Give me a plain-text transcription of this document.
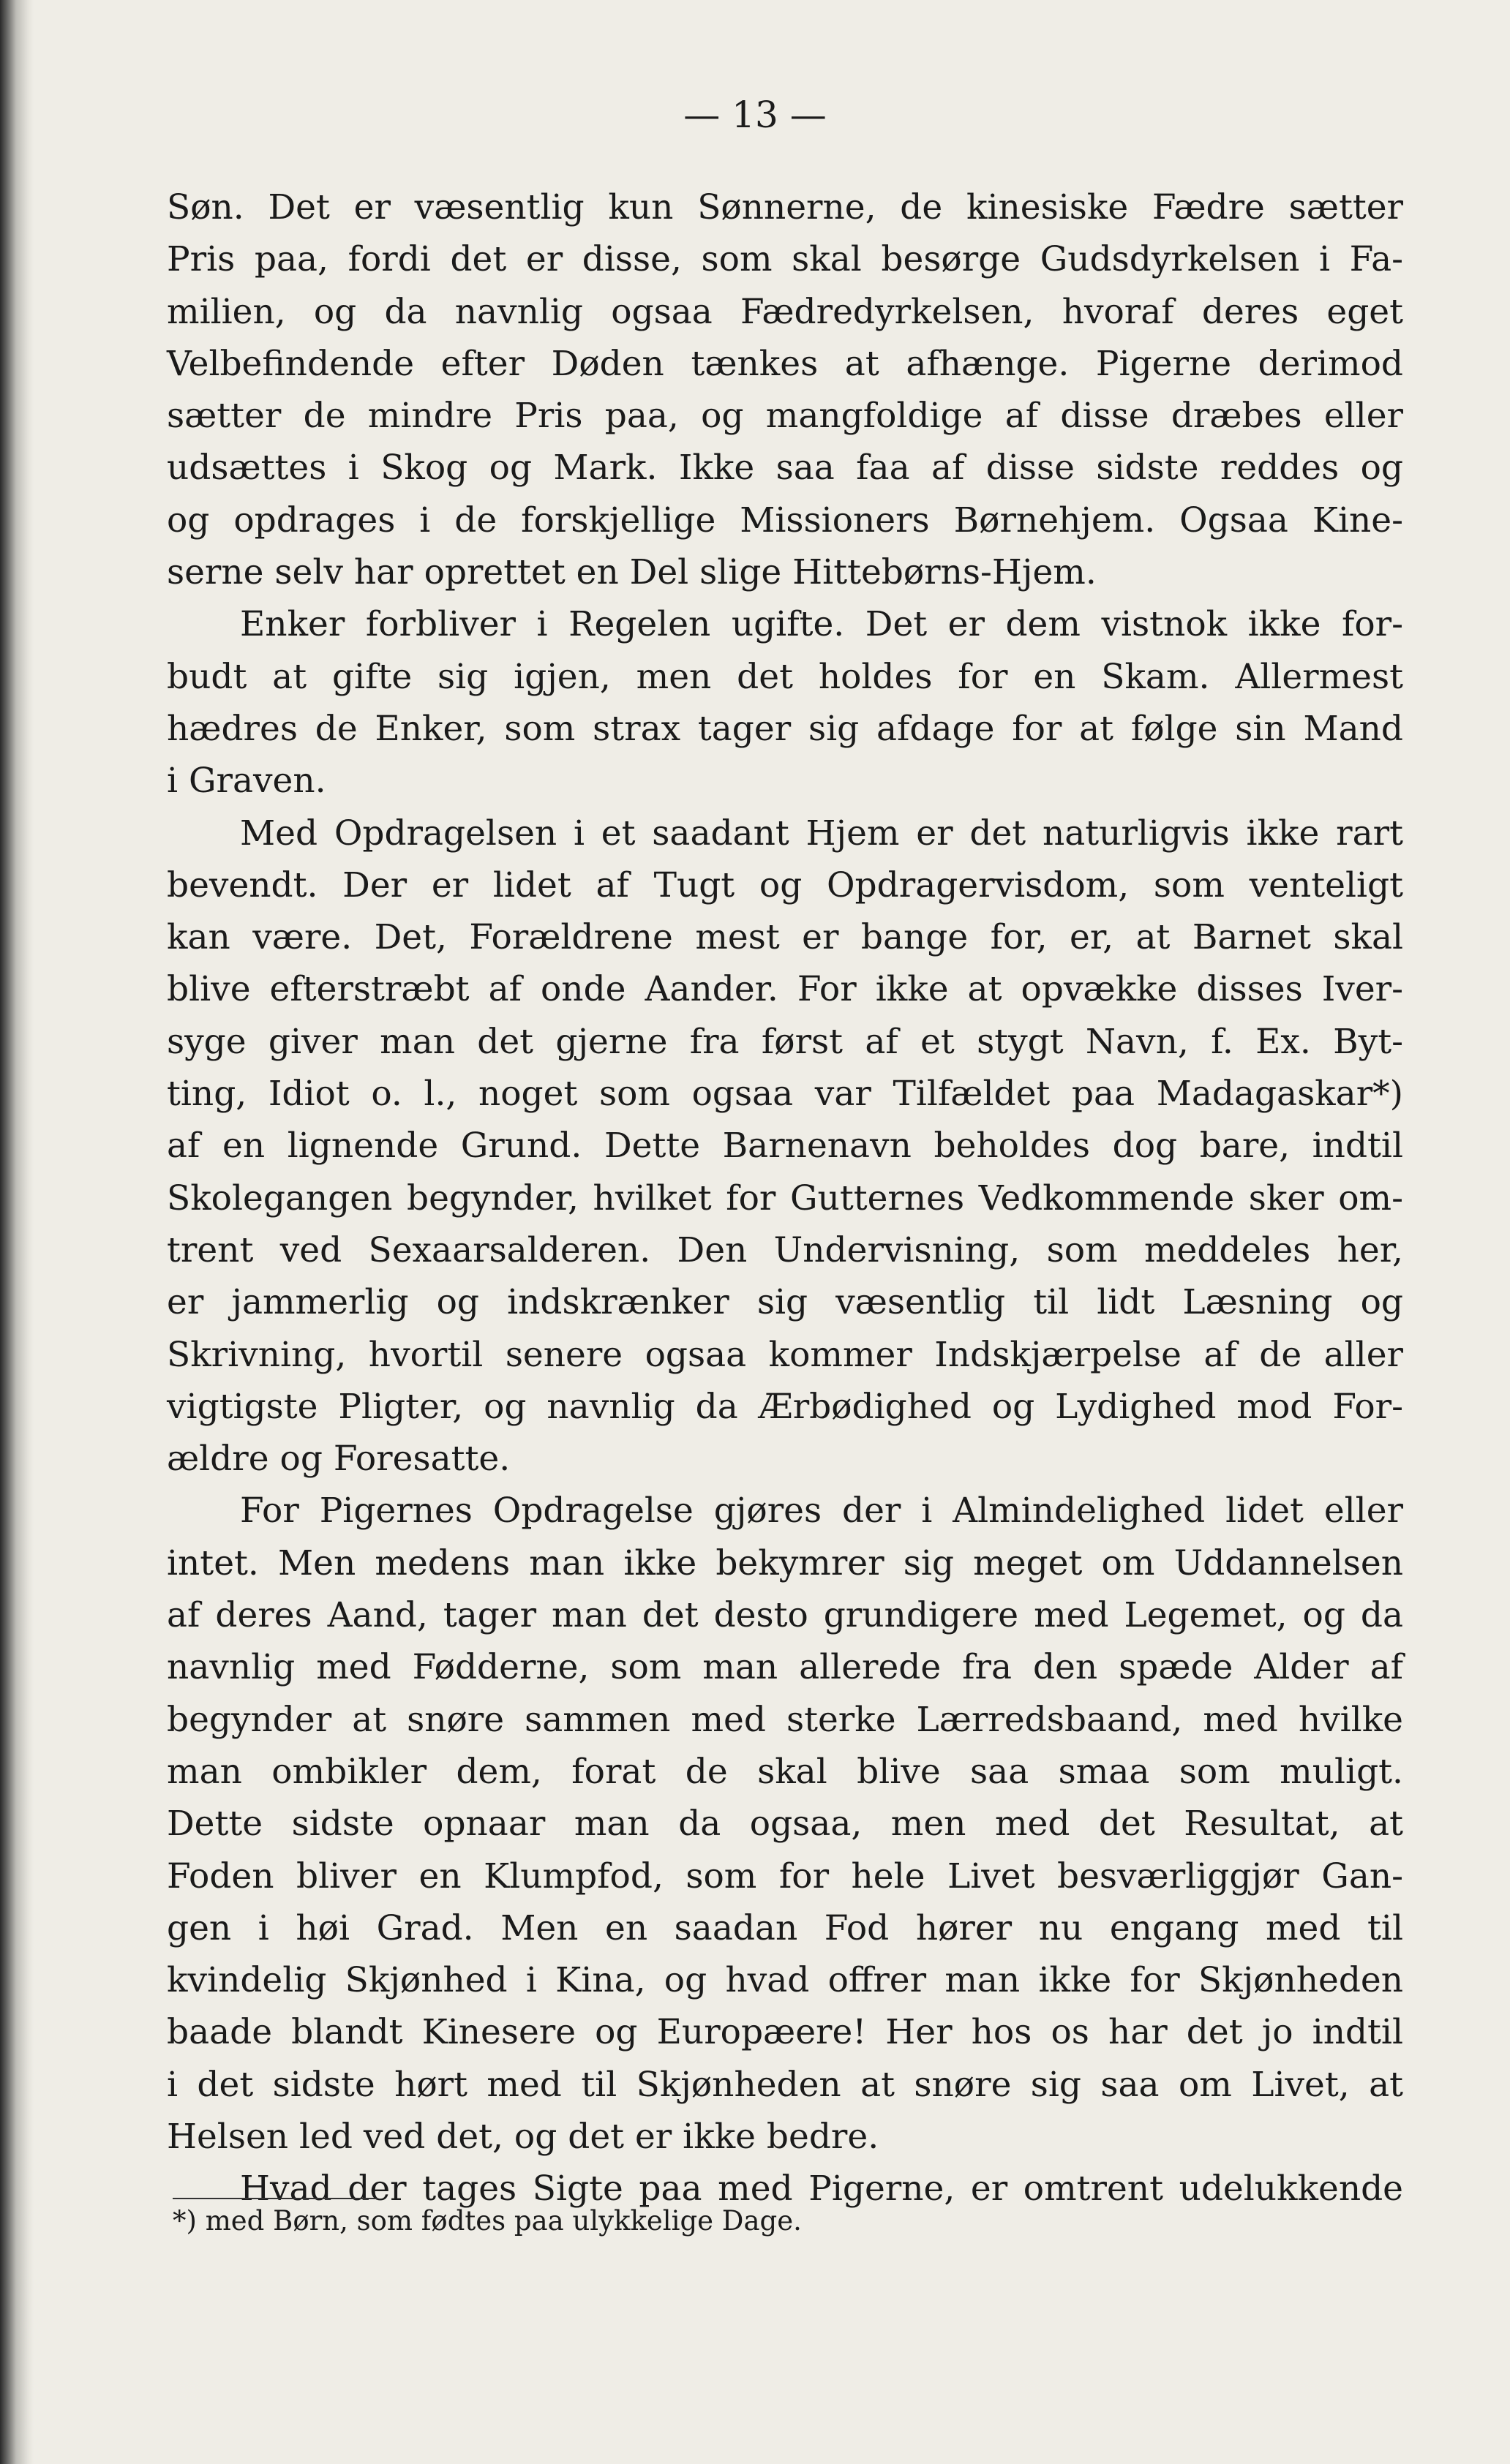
— 13 —
Søn. Det er væsentlig kun Sønnerne, de kinesiske Fædre sætter
Pris paa, fordi det er disse, som skal besørge Gudsdyrkelsen i Fa-
milien, og da navnlig ogsaa Fædredyrkelsen, hvoraf deres eget
Velbefindende efter Døden tænkes at afhænge. Pigerne derimod
sætter de mindre Pris paa, og mangfoldige af disse dræbes eller
udsættes i Skog og Mark. Ikke saa faa af disse sidste reddes og
og opdrages i de forskjellige Missioners Børnehjem. Ogsaa Kine-
serne selv har oprettet en Del slige Hittebørns-Hjem.
Enker forbliver i Regelen ugifte. Det er dem vistnok ikke for-
budt at gifte sig igjen, men det holdes for en Skam. Allermest
hædres de Enker, som strax tager sig afdage for at følge sin Mand
i Graven.
Med Opdragelsen i et saadant Hjem er det naturligvis ikke rart
bevendt. Der er lidet af Tugt og Opdragervisdom, som venteligt
kan være. Det, Forældrene mest er bange for, er, at Barnet skal
blive efterstræbt af onde Aander. For ikke at opvække disses Iver-
syge giver man det gjerne fra først af et stygt Navn, f. Ex. Byt-
ting, Idiot o. l., noget som ogsaa var Tilfældet paa Madagaskar*)
af en lignende Grund. Dette Barnenavn beholdes dog bare, indtil
Skolegangen begynder, hvilket for Gutternes Vedkommende sker om-
trent ved Sexaarsalderen. Den Undervisning, som meddeles her,
er jammerlig og indskrænker sig væsentlig til lidt Læsning og
Skrivning, hvortil senere ogsaa kommer Indskjærpelse af de aller
vigtigste Pligter, og navnlig da Ærbødighed og Lydighed mod For-
ældre og Foresatte.
For Pigernes Opdragelse gjøres der i Almindelighed lidet eller
intet. Men medens man ikke bekymrer sig meget om Uddannelsen
af deres Aand, tager man det desto grundigere med Legemet, og da
navnlig med Fødderne, som man allerede fra den spæde Alder af
begynder at snøre sammen med sterke Lærredsbaand, med hvilke
man ombikler dem, forat de skal blive saa smaa som muligt.
Dette sidste opnaar man da ogsaa, men med det Resultat, at
Foden bliver en Klumpfod, som for hele Livet besværliggjør Gan-
gen i høi Grad. Men en saadan Fod hører nu engang med til
kvindelig Skjønhed i Kina, og hvad offrer man ikke for Skjønheden
baade blandt Kinesere og Europæere! Her hos os har det jo indtil
i det sidste hørt med til Skjønheden at snøre sig saa om Livet, at
Helsen led ved det, og det er ikke bedre.
Hvad der tages Sigte paa med Pigerne, er omtrent udelukkende
*) med Børn, som fødtes paa ulykkelige Dage.
